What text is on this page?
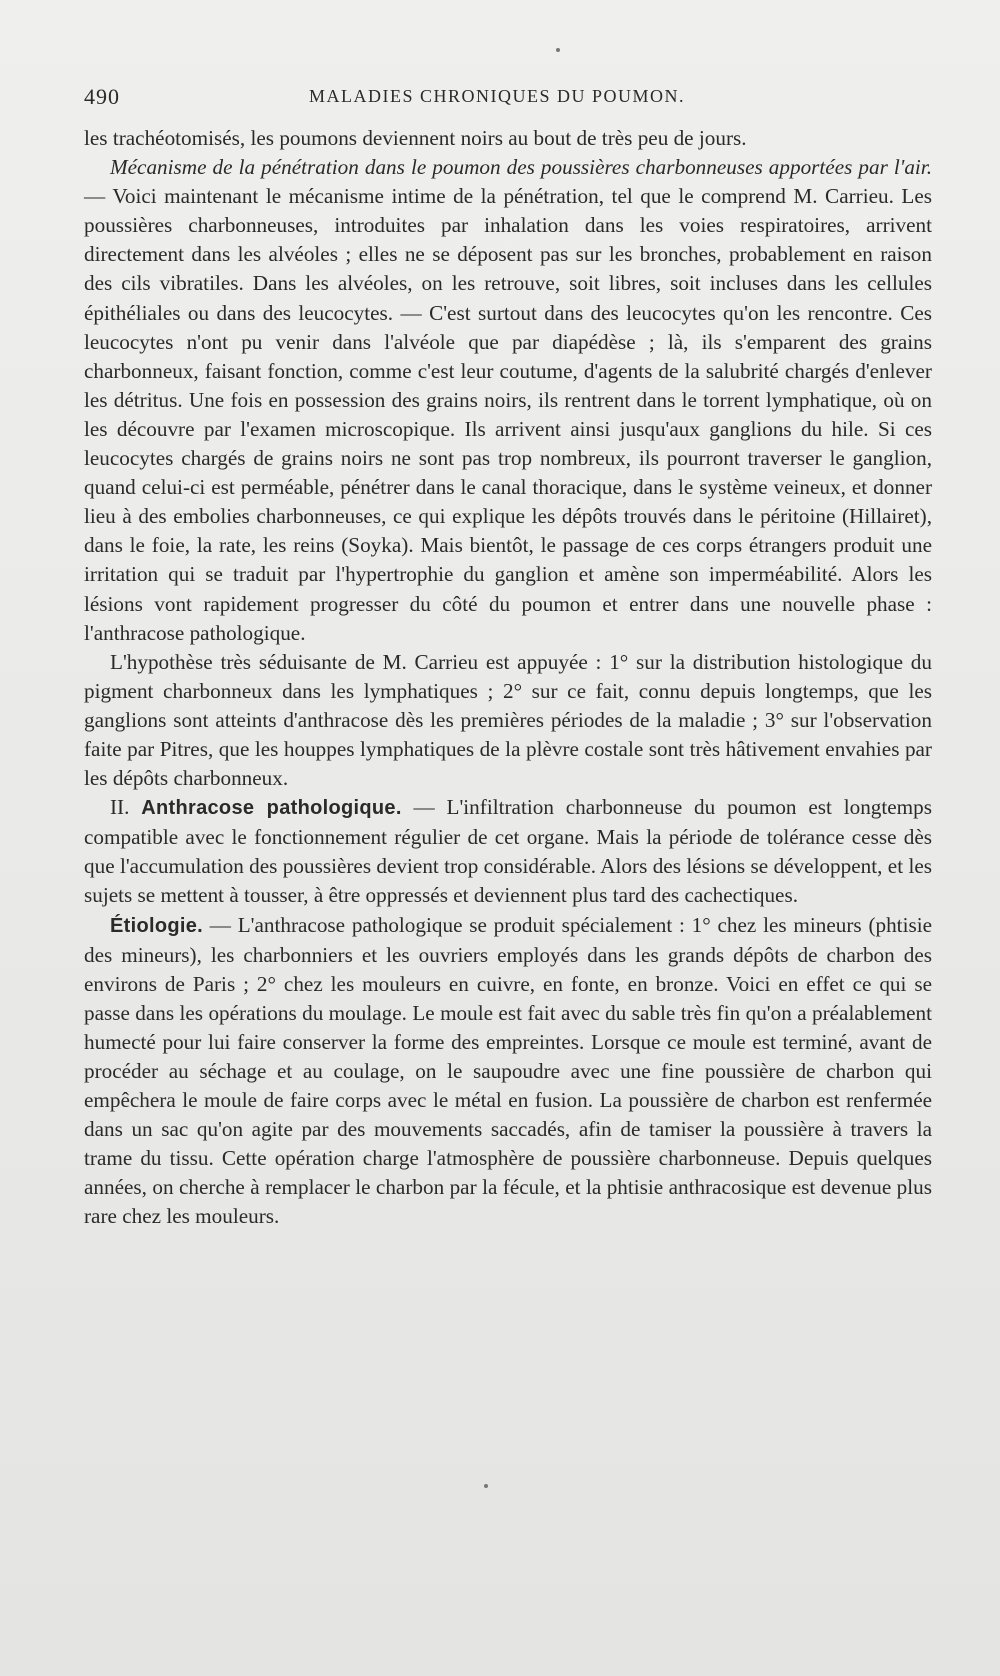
490	MALADIES CHRONIQUES DU POUMON.

les trachéotomisés, les poumons deviennent noirs au bout de très peu de jours.

Mécanisme de la pénétration dans le poumon des poussières charbonneuses apportées par l'air. — Voici maintenant le mécanisme intime de la pénétration, tel que le comprend M. Carrieu. Les poussières charbonneuses, introduites par inhalation dans les voies respiratoires, arrivent directement dans les alvéoles ; elles ne se déposent pas sur les bronches, probablement en raison des cils vibratiles. Dans les alvéoles, on les retrouve, soit libres, soit incluses dans les cellules épithéliales ou dans des leucocytes. — C'est surtout dans des leucocytes qu'on les rencontre. Ces leucocytes n'ont pu venir dans l'alvéole que par diapédèse ; là, ils s'emparent des grains charbonneux, faisant fonction, comme c'est leur coutume, d'agents de la salubrité chargés d'enlever les détritus. Une fois en possession des grains noirs, ils rentrent dans le torrent lymphatique, où on les découvre par l'examen microscopique. Ils arrivent ainsi jusqu'aux ganglions du hile. Si ces leucocytes chargés de grains noirs ne sont pas trop nombreux, ils pourront traverser le ganglion, quand celui-ci est perméable, pénétrer dans le canal thoracique, dans le système veineux, et donner lieu à des embolies charbonneuses, ce qui explique les dépôts trouvés dans le péritoine (Hillairet), dans le foie, la rate, les reins (Soyka). Mais bientôt, le passage de ces corps étrangers produit une irritation qui se traduit par l'hypertrophie du ganglion et amène son imperméabilité. Alors les lésions vont rapidement progresser du côté du poumon et entrer dans une nouvelle phase : l'anthracose pathologique.

L'hypothèse très séduisante de M. Carrieu est appuyée : 1° sur la distribution histologique du pigment charbonneux dans les lymphatiques ; 2° sur ce fait, connu depuis longtemps, que les ganglions sont atteints d'anthracose dès les premières périodes de la maladie ; 3° sur l'observation faite par Pitres, que les houppes lymphatiques de la plèvre costale sont très hâtivement envahies par les dépôts charbonneux.

II. Anthracose pathologique. — L'infiltration charbonneuse du poumon est longtemps compatible avec le fonctionnement régulier de cet organe. Mais la période de tolérance cesse dès que l'accumulation des poussières devient trop considérable. Alors des lésions se développent, et les sujets se mettent à tousser, à être oppressés et deviennent plus tard des cachectiques.

Étiologie. — L'anthracose pathologique se produit spécialement : 1° chez les mineurs (phtisie des mineurs), les charbonniers et les ouvriers employés dans les grands dépôts de charbon des environs de Paris ; 2° chez les mouleurs en cuivre, en fonte, en bronze. Voici en effet ce qui se passe dans les opérations du moulage. Le moule est fait avec du sable très fin qu'on a préalablement humecté pour lui faire conserver la forme des empreintes. Lorsque ce moule est terminé, avant de procéder au séchage et au coulage, on le saupoudre avec une fine poussière de charbon qui empêchera le moule de faire corps avec le métal en fusion. La poussière de charbon est renfermée dans un sac qu'on agite par des mouvements saccadés, afin de tamiser la poussière à travers la trame du tissu. Cette opération charge l'atmosphère de poussière charbonneuse. Depuis quelques années, on cherche à remplacer le charbon par la fécule, et la phtisie anthracosique est devenue plus rare chez les mouleurs.
